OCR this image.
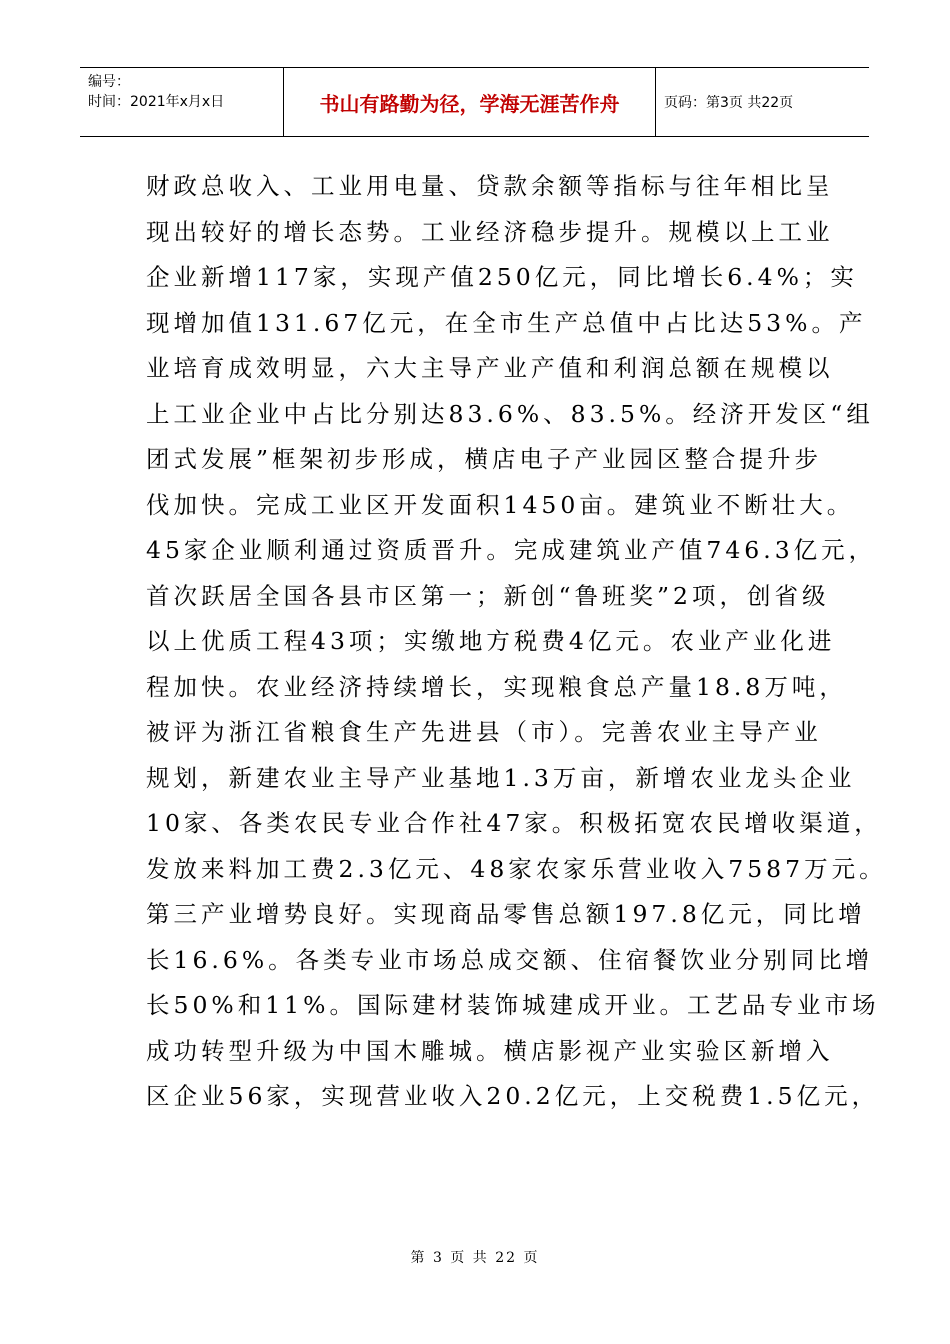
编号：
时间：2021年x月x日	书山有路勤为径，学海无涯苦作舟	页码：第3页 共22页
财政总收入、工业用电量、贷款余额等指标与往年相比呈
现出较好的增长态势。工业经济稳步提升。规模以上工业
企业新增117家，实现产值250亿元，同比增长6.4%；实
现增加值131.67亿元，在全市生产总值中占比达53%。产
业培育成效明显，六大主导产业产值和利润总额在规模以
上工业企业中占比分别达83.6%、83.5%。经济开发区“组
团式发展”框架初步形成，横店电子产业园区整合提升步
伐加快。完成工业区开发面积1450亩。建筑业不断壮大。
45家企业顺利通过资质晋升。完成建筑业产值746.3亿元，
首次跃居全国各县市区第一；新创“鲁班奖”2项，创省级
以上优质工程43项；实缴地方税费4亿元。农业产业化进
程加快。农业经济持续增长，实现粮食总产量18.8万吨，
被评为浙江省粮食生产先进县（市）。完善农业主导产业
规划，新建农业主导产业基地1.3万亩，新增农业龙头企业
10家、各类农民专业合作社47家。积极拓宽农民增收渠道，
发放来料加工费2.3亿元、48家农家乐营业收入7587万元。
第三产业增势良好。实现商品零售总额197.8亿元，同比增
长16.6%。各类专业市场总成交额、住宿餐饮业分别同比增
长50%和11%。国际建材装饰城建成开业。工艺品专业市场
成功转型升级为中国木雕城。横店影视产业实验区新增入
区企业56家，实现营业收入20.2亿元，上交税费1.5亿元，
第 3 页 共 22 页
